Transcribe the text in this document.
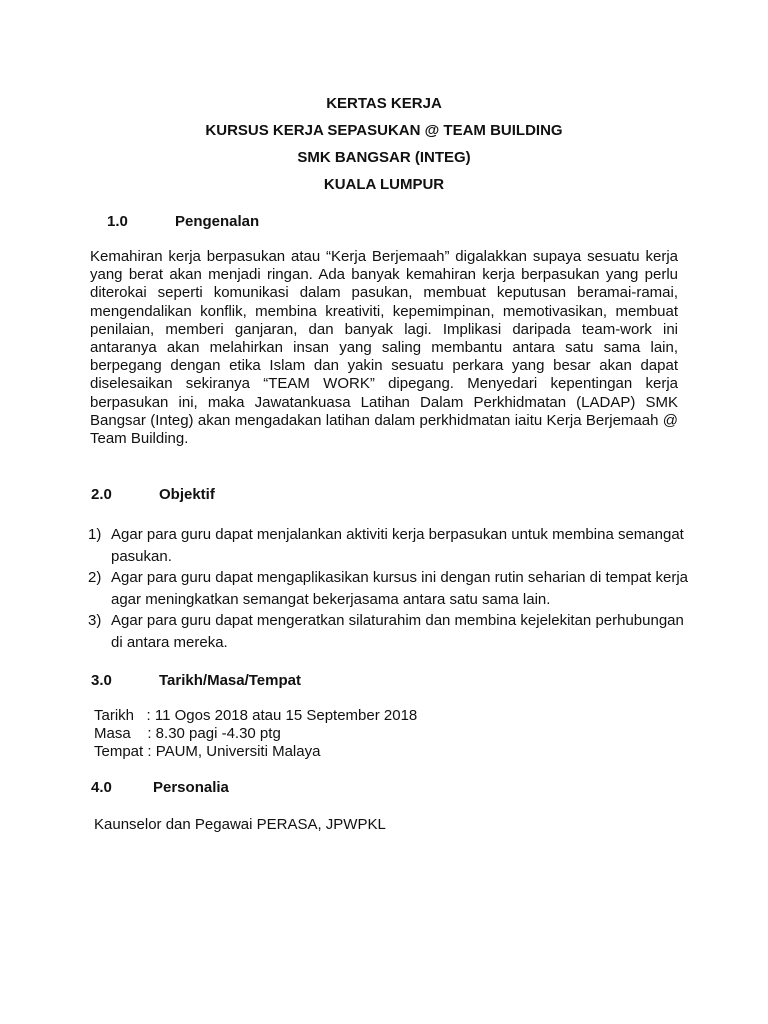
KERTAS KERJA

KURSUS KERJA SEPASUKAN @ TEAM BUILDING

SMK BANGSAR (INTEG)

KUALA LUMPUR

1.0	Pengenalan

Kemahiran kerja berpasukan atau “Kerja Berjemaah” digalakkan supaya sesuatu kerja yang berat akan menjadi ringan. Ada banyak kemahiran kerja berpasukan yang perlu diterokai seperti komunikasi dalam pasukan, membuat keputusan beramai-ramai, mengendalikan konflik, membina kreativiti, kepemimpinan, memotivasikan, membuat penilaian, memberi ganjaran, dan banyak lagi. Implikasi daripada team-work ini antaranya akan melahirkan insan yang saling membantu antara satu sama lain, berpegang dengan etika Islam dan yakin sesuatu perkara yang besar akan dapat diselesaikan sekiranya “TEAM WORK” dipegang. Menyedari kepentingan kerja berpasukan ini, maka Jawatankuasa Latihan Dalam Perkhidmatan (LADAP) SMK Bangsar (Integ) akan mengadakan latihan dalam perkhidmatan iaitu Kerja Berjemaah @ Team Building.

2.0	Objektif
1) Agar para guru dapat menjalankan aktiviti kerja berpasukan untuk membina semangat pasukan.
2) Agar para guru dapat mengaplikasikan kursus ini dengan rutin seharian di tempat kerja agar meningkatkan semangat bekerjasama antara satu sama lain.
3) Agar para guru dapat mengeratkan silaturahim dan membina kejelekitan perhubungan di antara mereka.
3.0	Tarikh/Masa/Tempat
Tarikh   : 11 Ogos 2018 atau 15 September 2018
Masa    : 8.30 pagi -4.30 ptg
Tempat : PAUM, Universiti Malaya
4.0	Personalia

Kaunselor dan Pegawai PERASA, JPWPKL
